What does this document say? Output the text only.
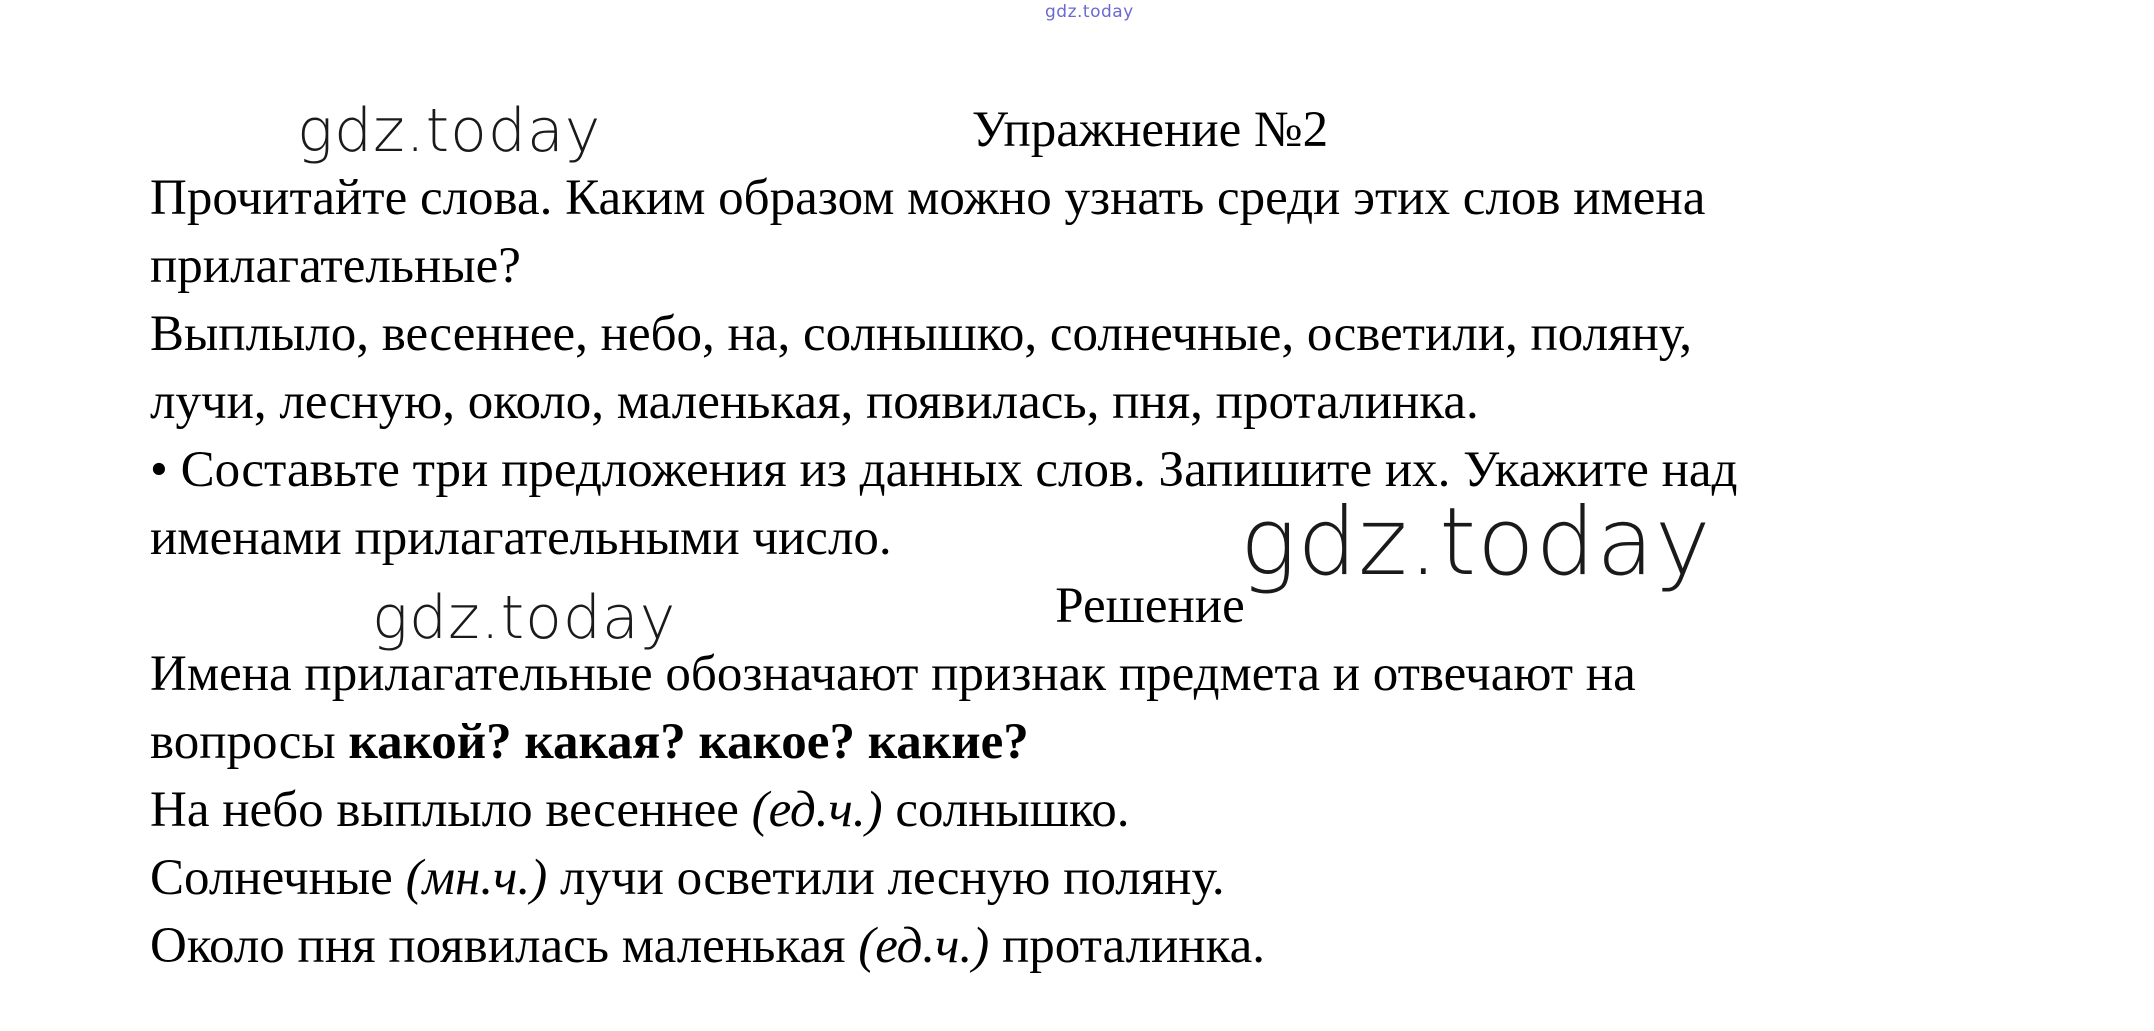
gdz.today
gdz.today
gdz.today
gdz.today

Упражнение №2

Прочитайте слова. Каким образом можно узнать среди этих слов имена

прилагательные?

Выплыло, весеннее, небо, на, солнышко, солнечные, осветили, поляну,

лучи, лесную, около, маленькая, появилась, пня, проталинка.

• Составьте три предложения из данных слов. Запишите их. Укажите над

именами прилагательными число.

Решение

Имена прилагательные обозначают признак предмета и отвечают на

вопросы какой? какая? какое? какие?

На небо выплыло весеннее (ед.ч.) солнышко.

Солнечные (мн.ч.) лучи осветили лесную поляну.

Около пня появилась маленькая (ед.ч.) проталинка.
